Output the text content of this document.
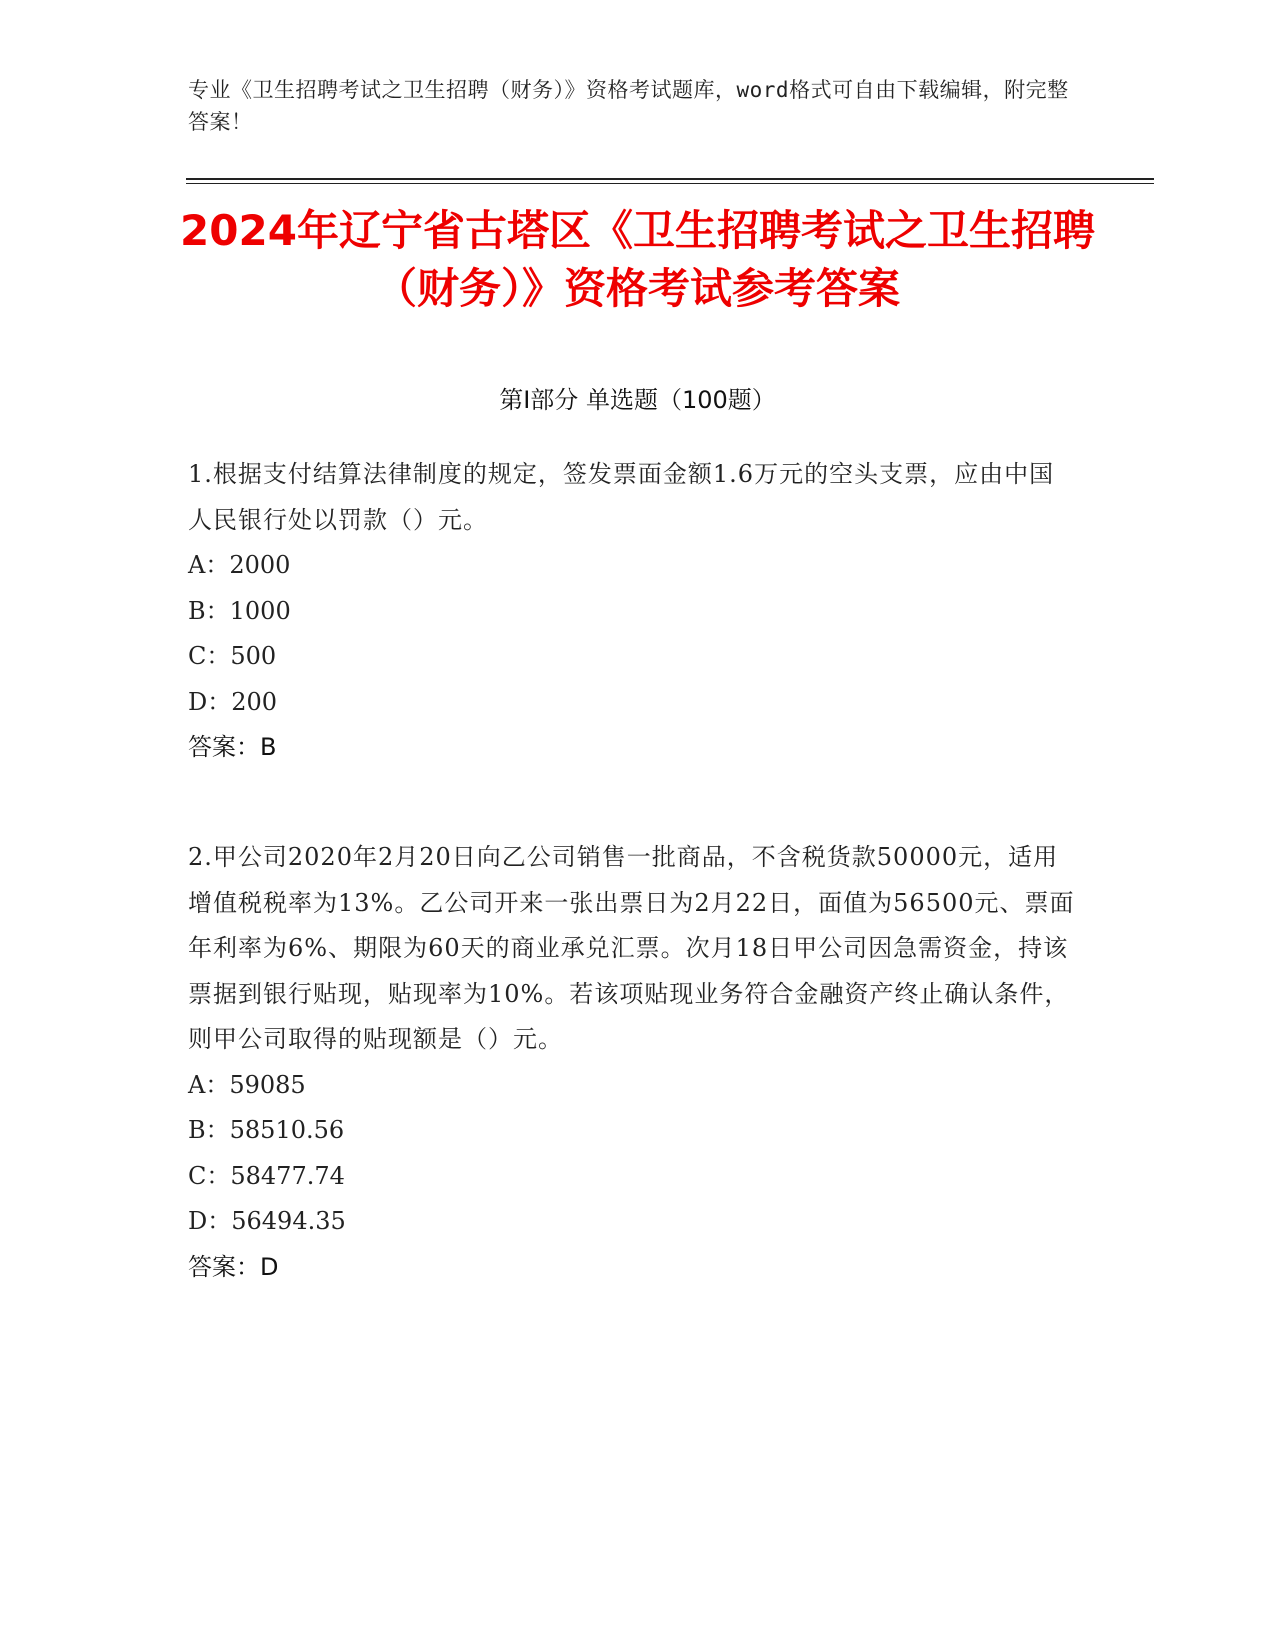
专业《卫生招聘考试之卫生招聘（财务）》资格考试题库，word格式可自由下载编辑，附完整答案！
2024年辽宁省古塔区《卫生招聘考试之卫生招聘（财务）》资格考试参考答案
第Ⅰ部分 单选题（100题）
1.根据支付结算法律制度的规定，签发票面金额1.6万元的空头支票，应由中国人民银行处以罚款（）元。
A：2000
B：1000
C：500
D：200
答案：B
2.甲公司2020年2月20日向乙公司销售一批商品，不含税货款50000元，适用增值税税率为13%。乙公司开来一张出票日为2月22日，面值为56500元、票面年利率为6%、期限为60天的商业承兑汇票。次月18日甲公司因急需资金，持该票据到银行贴现，贴现率为10%。若该项贴现业务符合金融资产终止确认条件，则甲公司取得的贴现额是（）元。
A：59085
B：58510.56
C：58477.74
D：56494.35
答案：D
